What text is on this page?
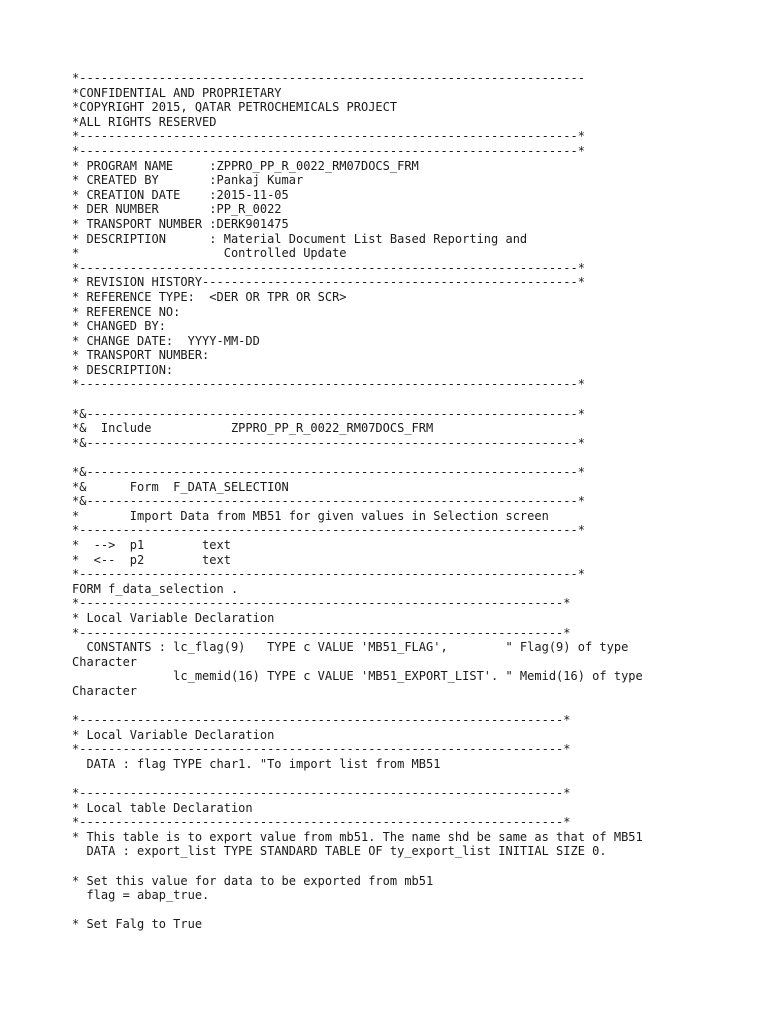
*----------------------------------------------------------------------
*CONFIDENTIAL AND PROPRIETARY
*COPYRIGHT 2015, QATAR PETROCHEMICALS PROJECT
*ALL RIGHTS RESERVED
*---------------------------------------------------------------------*
*---------------------------------------------------------------------*
* PROGRAM NAME     :ZPPRO_PP_R_0022_RM07DOCS_FRM
* CREATED BY       :Pankaj Kumar
* CREATION DATE    :2015-11-05
* DER NUMBER       :PP_R_0022
* TRANSPORT NUMBER :DERK901475
* DESCRIPTION      : Material Document List Based Reporting and
*                    Controlled Update
*---------------------------------------------------------------------*
* REVISION HISTORY----------------------------------------------------*
* REFERENCE TYPE:  <DER OR TPR OR SCR>
* REFERENCE NO:
* CHANGED BY:
* CHANGE DATE:  YYYY-MM-DD
* TRANSPORT NUMBER:
* DESCRIPTION:
*---------------------------------------------------------------------*
*&--------------------------------------------------------------------*
*&  Include           ZPPRO_PP_R_0022_RM07DOCS_FRM
*&--------------------------------------------------------------------*
*&--------------------------------------------------------------------*
*&      Form  F_DATA_SELECTION
*&--------------------------------------------------------------------*
*       Import Data from MB51 for given values in Selection screen
*---------------------------------------------------------------------*
*  -->  p1        text
*  <--  p2        text
*---------------------------------------------------------------------*
FORM f_data_selection .
*-------------------------------------------------------------------*
* Local Variable Declaration
*-------------------------------------------------------------------*
CONSTANTS : lc_flag(9)   TYPE c VALUE 'MB51_FLAG',        " Flag(9) of type
Character
lc_memid(16) TYPE c VALUE 'MB51_EXPORT_LIST'. " Memid(16) of type
Character
*-------------------------------------------------------------------*
* Local Variable Declaration
*-------------------------------------------------------------------*
DATA : flag TYPE char1. "To import list from MB51
*-------------------------------------------------------------------*
* Local table Declaration
*-------------------------------------------------------------------*
* This table is to export value from mb51. The name shd be same as that of MB51
DATA : export_list TYPE STANDARD TABLE OF ty_export_list INITIAL SIZE 0.
* Set this value for data to be exported from mb51
flag = abap_true.
* Set Falg to True
